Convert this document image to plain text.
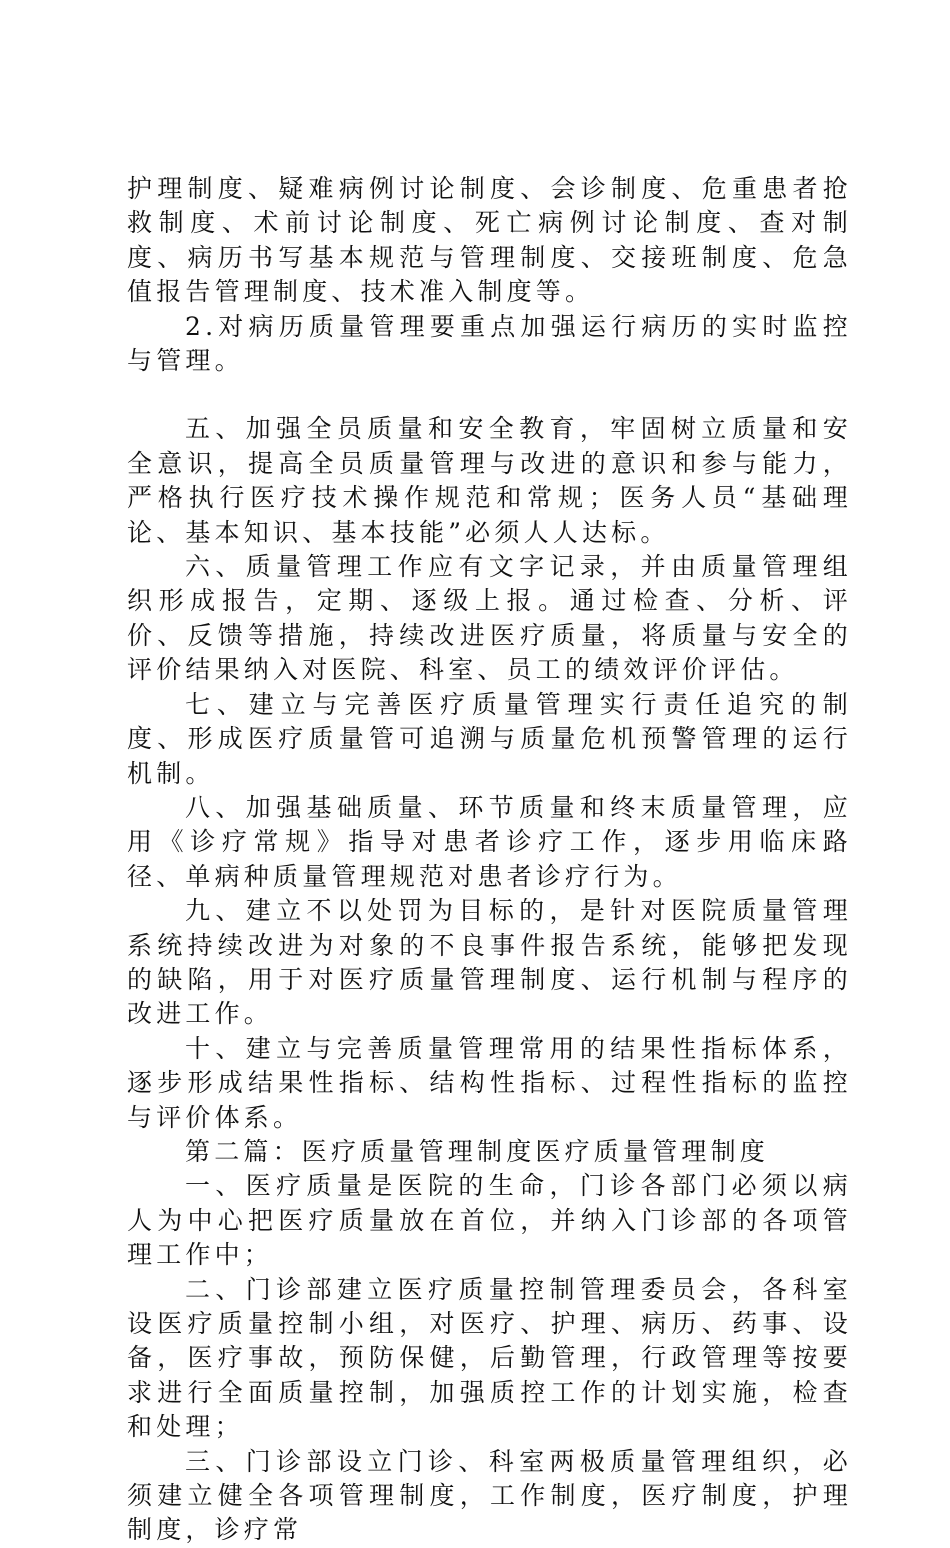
护理制度、疑难病例讨论制度、会诊制度、危重患者抢救制度、术前讨论制度、死亡病例讨论制度、查对制度、病历书写基本规范与管理制度、交接班制度、危急值报告管理制度、技术准入制度等。

2.对病历质量管理要重点加强运行病历的实时监控与管理。

五、加强全员质量和安全教育，牢固树立质量和安全意识，提高全员质量管理与改进的意识和参与能力，严格执行医疗技术操作规范和常规；医务人员“基础理论、基本知识、基本技能”必须人人达标。

六、质量管理工作应有文字记录，并由质量管理组织形成报告，定期、逐级上报。通过检查、分析、评价、反馈等措施，持续改进医疗质量，将质量与安全的评价结果纳入对医院、科室、员工的绩效评价评估。

七、建立与完善医疗质量管理实行责任追究的制度、形成医疗质量管可追溯与质量危机预警管理的运行机制。

八、加强基础质量、环节质量和终末质量管理，应用《诊疗常规》指导对患者诊疗工作，逐步用临床路径、单病种质量管理规范对患者诊疗行为。

九、建立不以处罚为目标的，是针对医院质量管理系统持续改进为对象的不良事件报告系统，能够把发现的缺陷，用于对医疗质量管理制度、运行机制与程序的改进工作。

十、建立与完善质量管理常用的结果性指标体系，逐步形成结果性指标、结构性指标、过程性指标的监控与评价体系。

第二篇：医疗质量管理制度医疗质量管理制度

一、医疗质量是医院的生命，门诊各部门必须以病人为中心把医疗质量放在首位，并纳入门诊部的各项管理工作中；

二、门诊部建立医疗质量控制管理委员会，各科室设医疗质量控制小组，对医疗、护理、病历、药事、设备，医疗事故，预防保健，后勤管理，行政管理等按要求进行全面质量控制，加强质控工作的计划实施，检查和处理；

三、门诊部设立门诊、科室两极质量管理组织，必须建立健全各项管理制度，工作制度，医疗制度，护理制度，诊疗常
